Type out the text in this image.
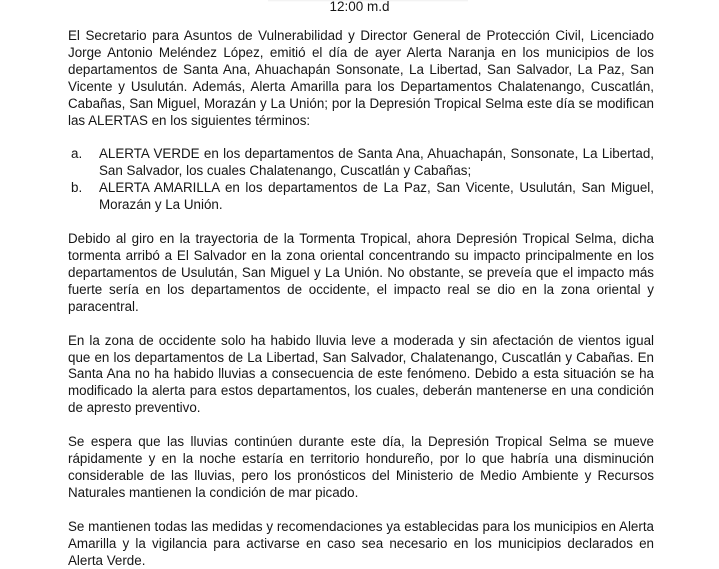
12:00 m.d

El Secretario para Asuntos de Vulnerabilidad y Director General de Protección Civil, Licenciado Jorge Antonio Meléndez López, emitió el día de ayer Alerta Naranja en los municipios de los departamentos de Santa Ana, Ahuachapán Sonsonate, La Libertad, San Salvador, La Paz, San Vicente y Usulután. Además, Alerta Amarilla para los Departamentos Chalatenango, Cuscatlán, Cabañas, San Miguel, Morazán y La Unión; por la Depresión Tropical Selma este día se modifican las ALERTAS en los siguientes términos:

a.	ALERTA VERDE en los departamentos de Santa Ana, Ahuachapán, Sonsonate, La Libertad, San Salvador, los cuales Chalatenango, Cuscatlán y Cabañas;
b.	ALERTA AMARILLA en los departamentos de La Paz, San Vicente, Usulután, San Miguel, Morazán y La Unión.

Debido al giro en la trayectoria de la Tormenta Tropical, ahora Depresión Tropical Selma, dicha tormenta arribó a El Salvador en la zona oriental concentrando su impacto principalmente en los departamentos de Usulután, San Miguel y La Unión. No obstante, se preveía que el impacto más fuerte sería en los departamentos de occidente, el impacto real se dio en la zona oriental y paracentral.

En la zona de occidente solo ha habido lluvia leve a moderada y sin afectación de vientos igual que en los departamentos de La Libertad, San Salvador, Chalatenango, Cuscatlán y Cabañas. En Santa Ana no ha habido lluvias a consecuencia de este fenómeno. Debido a esta situación se ha modificado la alerta para estos departamentos, los cuales, deberán mantenerse en una condición de apresto preventivo.

Se espera que las lluvias continúen durante este día, la Depresión Tropical Selma se mueve rápidamente y en la noche estaría en territorio hondureño, por lo que habría una disminución considerable de las lluvias, pero los pronósticos del Ministerio de Medio Ambiente y Recursos Naturales mantienen la condición de mar picado.

Se mantienen todas las medidas y recomendaciones ya establecidas para los municipios en Alerta Amarilla y la vigilancia para activarse en caso sea necesario en los municipios declarados en Alerta Verde.
